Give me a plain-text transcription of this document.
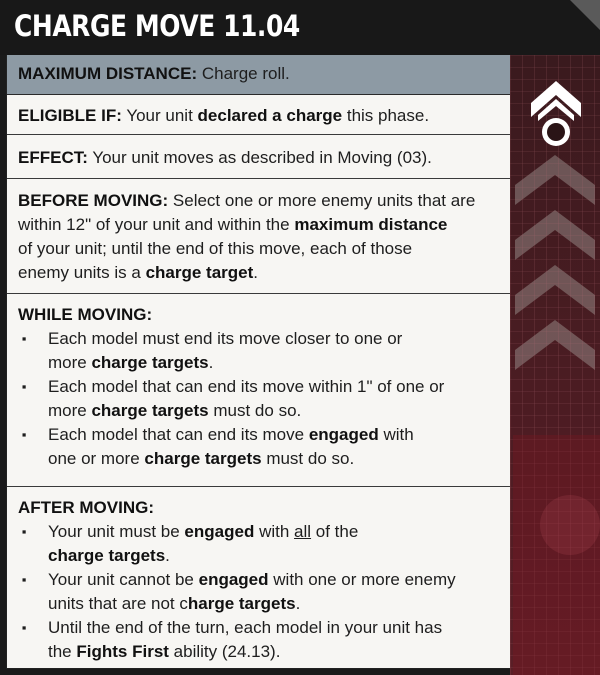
CHARGE MOVE 11.04

MAXIMUM DISTANCE: Charge roll.

ELIGIBLE IF: Your unit declared a charge this phase.

EFFECT: Your unit moves as described in Moving (03).

BEFORE MOVING: Select one or more enemy units that are

within 12" of your unit and within the maximum distance

of your unit; until the end of this move, each of those

enemy units is a charge target.

WHILE MOVING:

▪ Each model must end its move closer to one or

more charge targets.

▪ Each model that can end its move within 1" of one or

more charge targets must do so.

▪ Each model that can end its move engaged with

one or more charge targets must do so.

AFTER MOVING:

▪ Your unit must be engaged with all of the

charge targets.

▪ Your unit cannot be engaged with one or more enemy

units that are not charge targets.

▪ Until the end of the turn, each model in your unit has

the Fights First ability (24.13).
